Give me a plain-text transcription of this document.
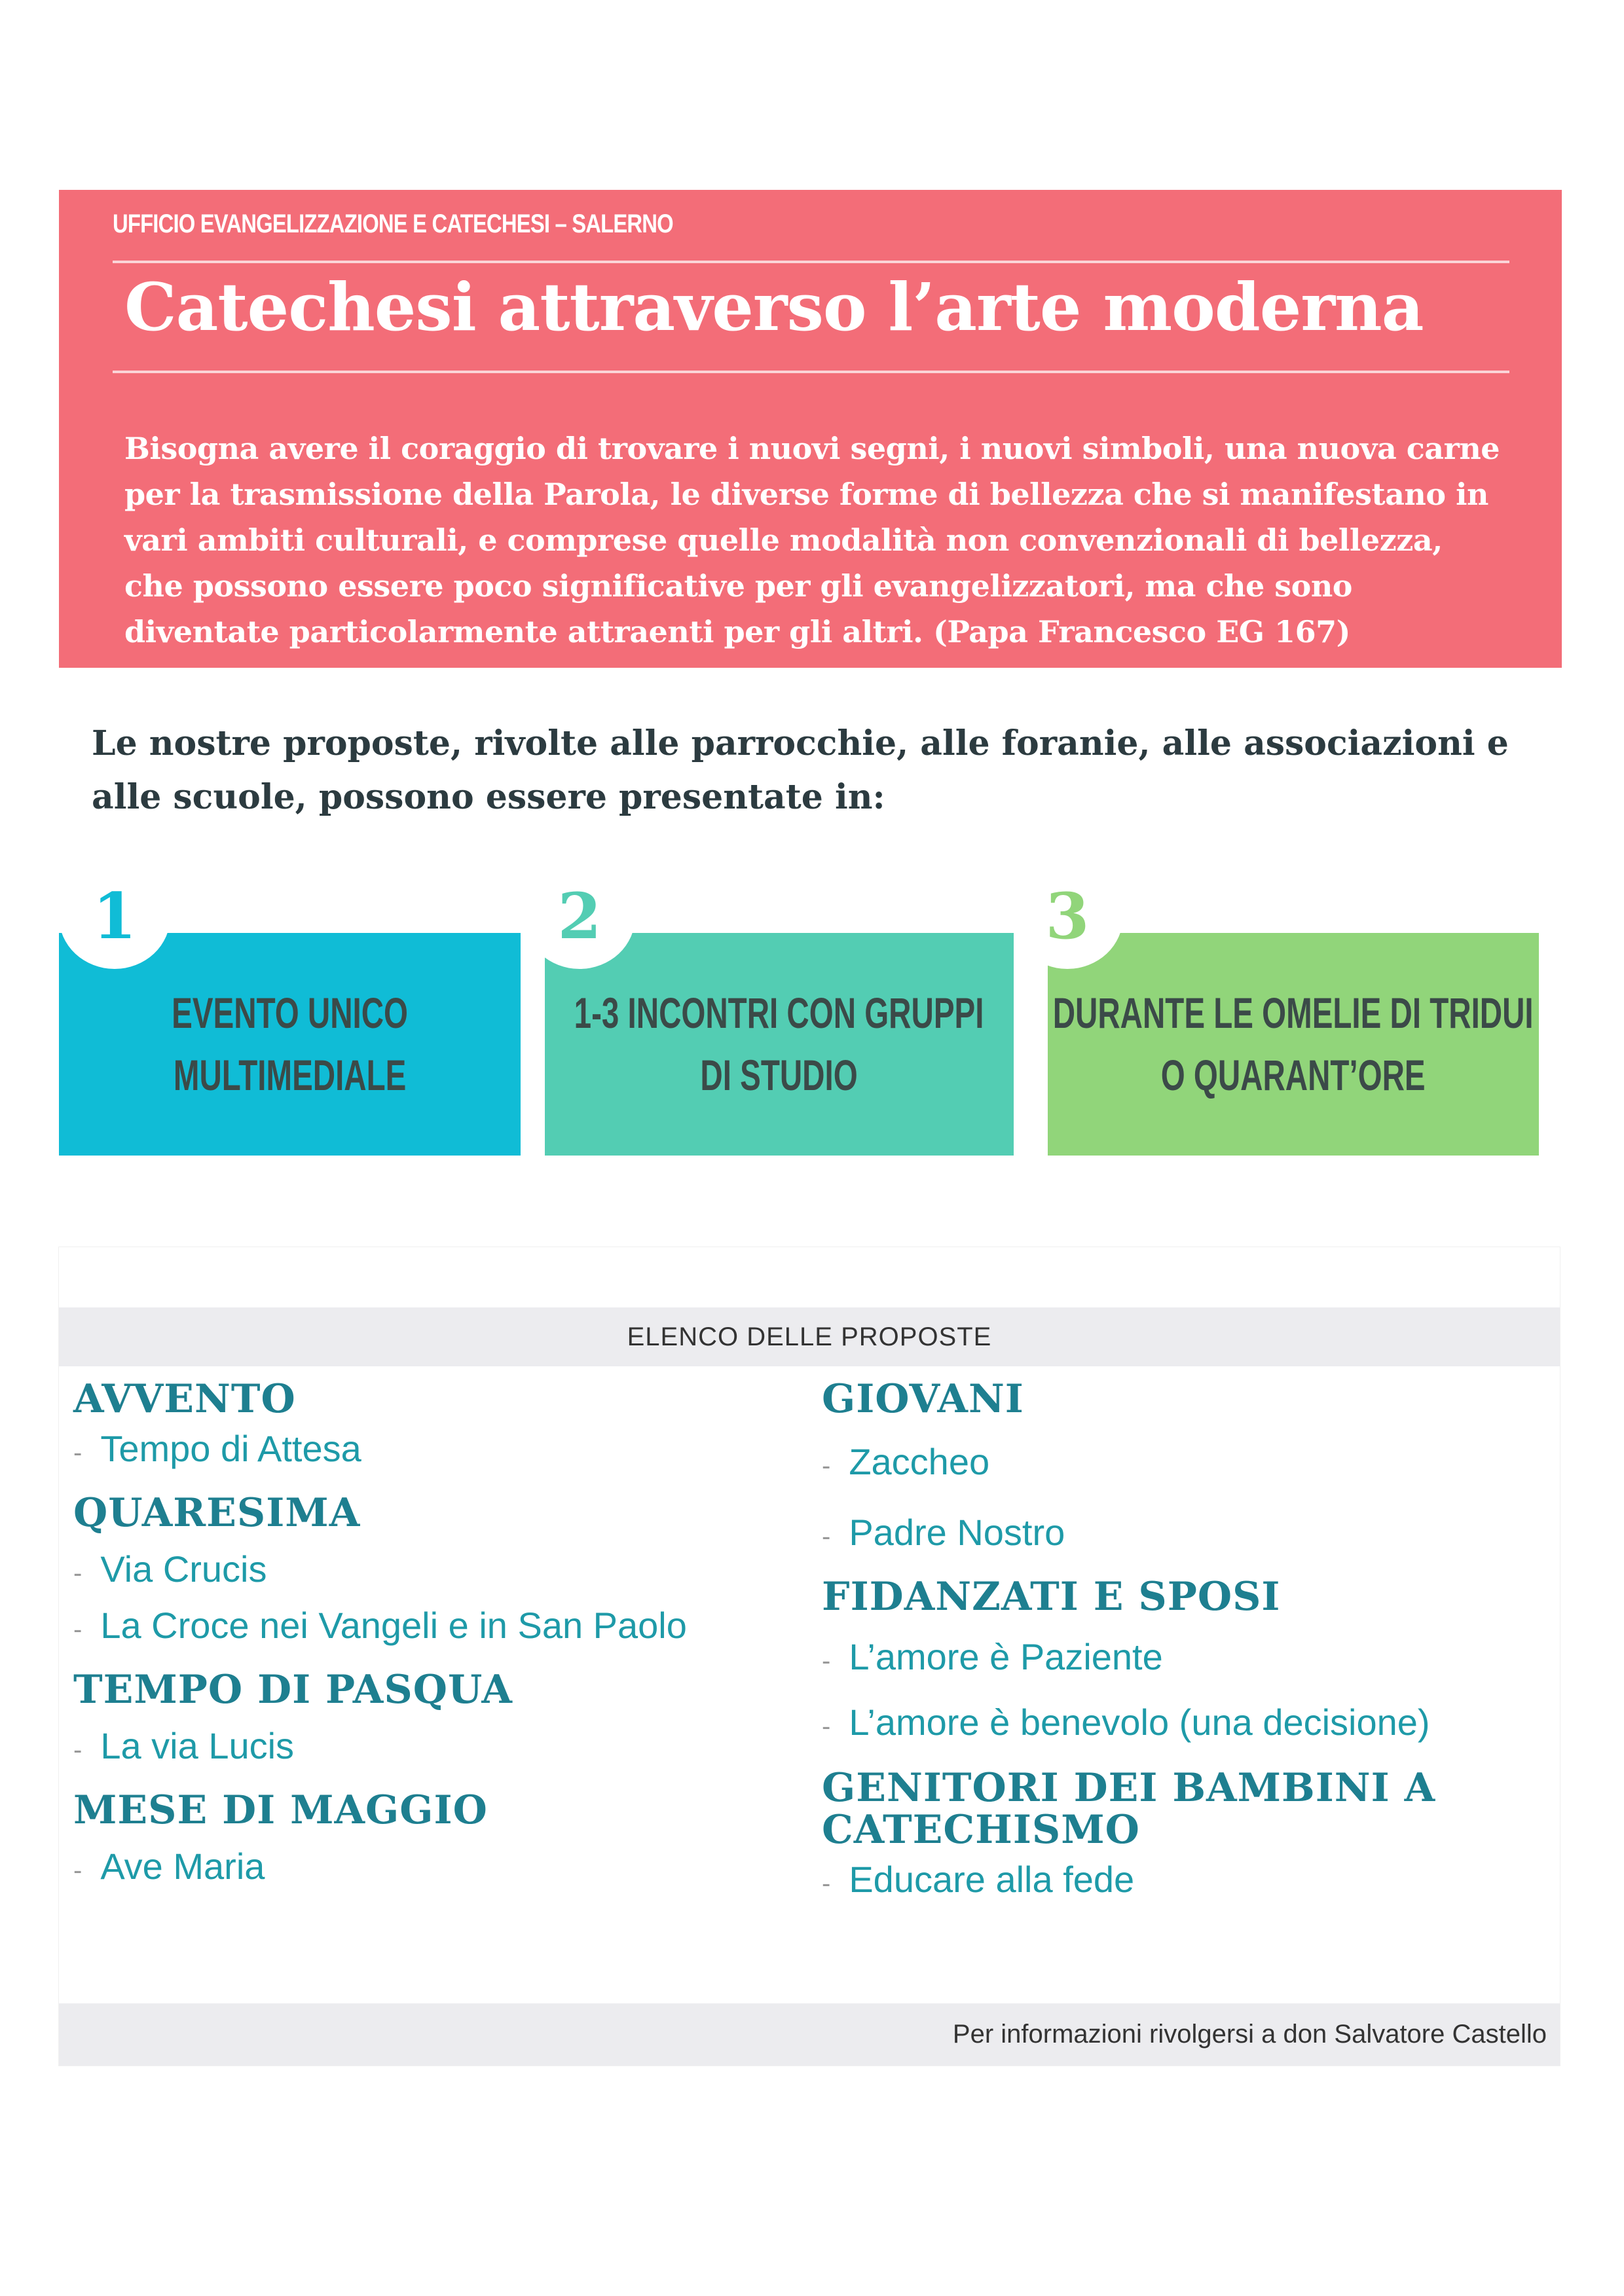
UFFICIO EVANGELIZZAZIONE E CATECHESI – SALERNO
Catechesi attraverso l’arte moderna
Bisogna avere il coraggio di trovare i nuovi segni, i nuovi simboli, una nuova carne per la trasmissione della Parola, le diverse forme di bellezza che si manifestano in vari ambiti culturali, e comprese quelle modalità non convenzionali di bellezza, che possono essere poco significative per gli evangelizzatori, ma che sono diventate particolarmente attraenti per gli altri. (Papa Francesco EG 167)
Le nostre proposte, rivolte alle parrocchie, alle foranie, alle associazioni e alle scuole, possono essere presentate in:
EVENTO UNICO
MULTIMEDIALE
1
1-3 INCONTRI CON GRUPPI
DI STUDIO
2
DURANTE LE OMELIE DI TRIDUI
O QUARANT’ORE
3
ELENCO DELLE PROPOSTE
AVVENTO
- Tempo di Attesa
QUARESIMA
- Via Crucis
- La Croce nei Vangeli e in San Paolo
TEMPO DI PASQUA
- La via Lucis
MESE DI MAGGIO
- Ave Maria
GIOVANI
- Zaccheo
- Padre Nostro
FIDANZATI E SPOSI
- L’amore è Paziente
- L’amore è benevolo (una decisione)
GENITORI DEI BAMBINI A CATECHISMO
- Educare alla fede
Per informazioni rivolgersi a don Salvatore Castello
